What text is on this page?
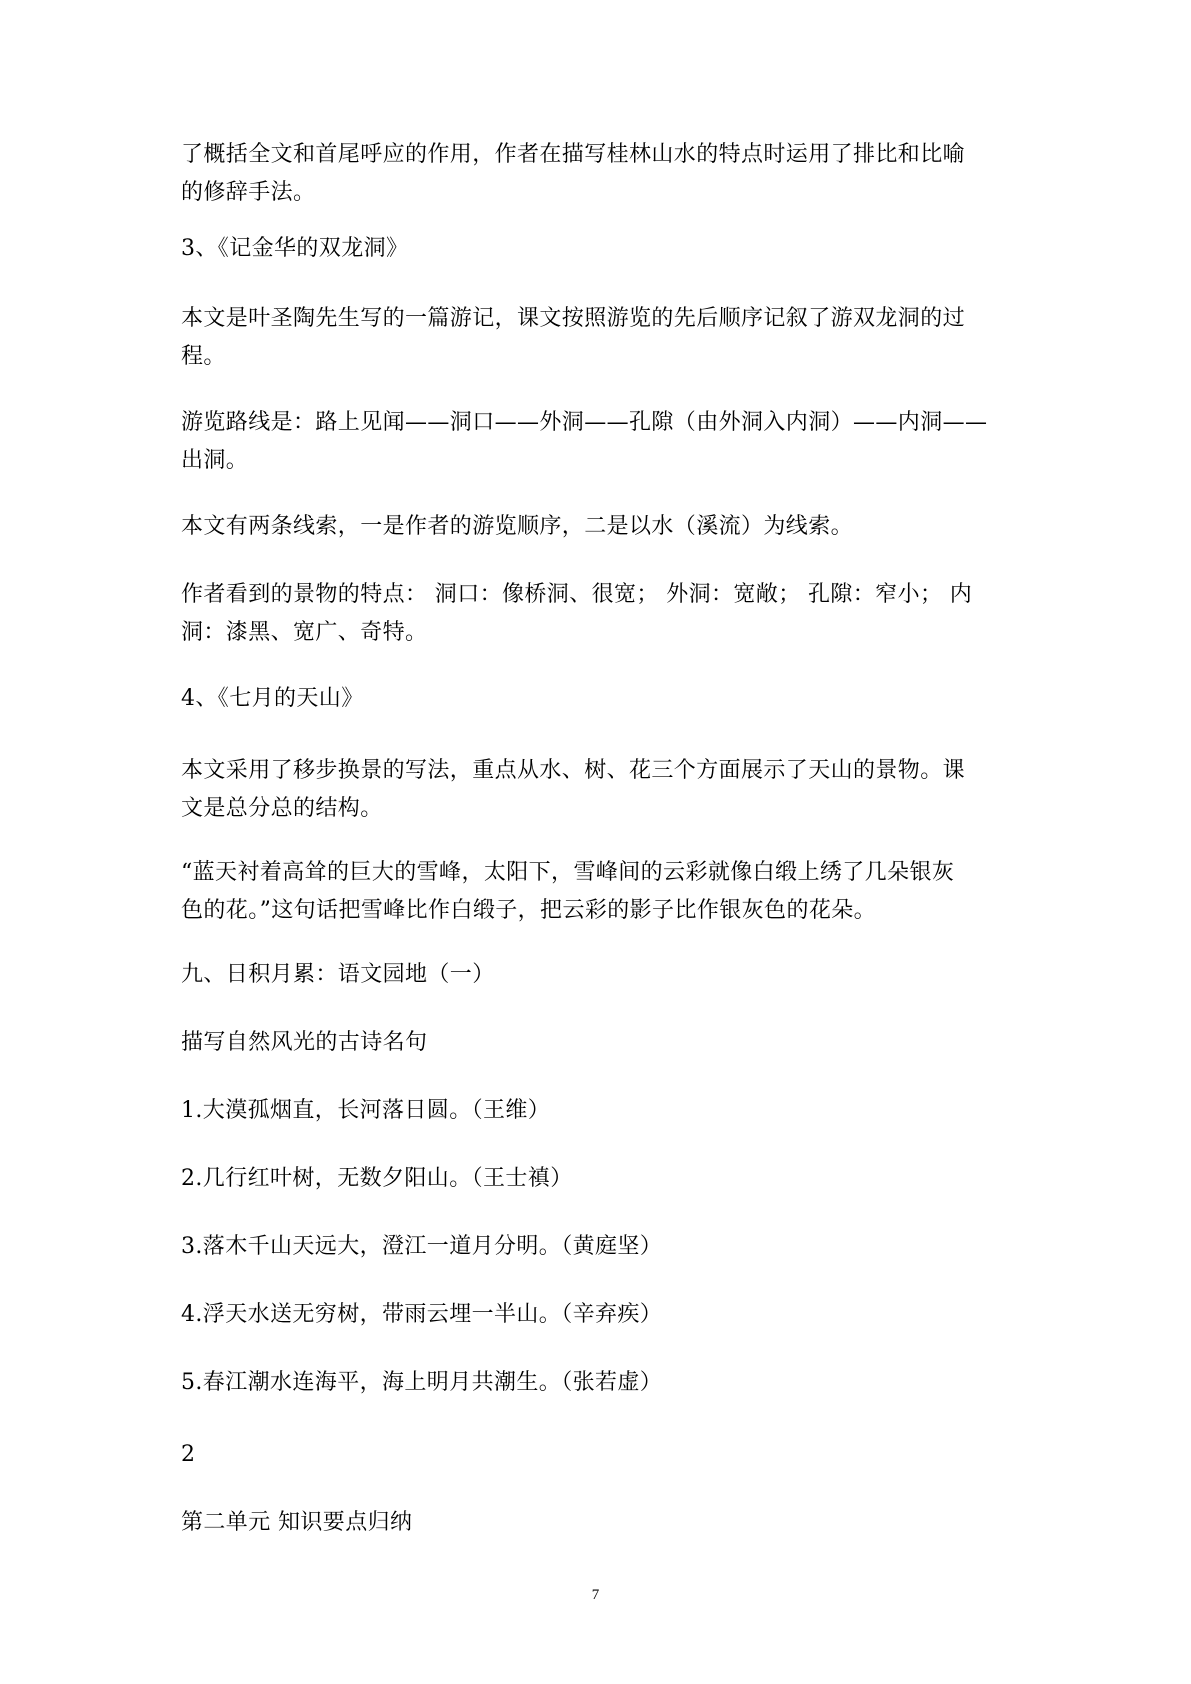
了概括全文和首尾呼应的作用，作者在描写桂林山水的特点时运用了排比和比喻
的修辞手法。
3、《记金华的双龙洞》
本文是叶圣陶先生写的一篇游记，课文按照游览的先后顺序记叙了游双龙洞的过
程。
游览路线是：路上见闻——洞口——外洞——孔隙（由外洞入内洞）——内洞——
出洞。
本文有两条线索，一是作者的游览顺序，二是以水（溪流）为线索。
作者看到的景物的特点： 洞口：像桥洞、很宽； 外洞：宽敞； 孔隙：窄小； 内
洞：漆黑、宽广、奇特。
4、《七月的天山》
本文采用了移步换景的写法，重点从水、树、花三个方面展示了天山的景物。课
文是总分总的结构。
“蓝天衬着高耸的巨大的雪峰，太阳下，雪峰间的云彩就像白缎上绣了几朵银灰
色的花。”这句话把雪峰比作白缎子，把云彩的影子比作银灰色的花朵。
九、日积月累：语文园地（一）
描写自然风光的古诗名句
1.大漠孤烟直，长河落日圆。（王维）
2.几行红叶树，无数夕阳山。（王士禛）
3.落木千山天远大，澄江一道月分明。（黄庭坚）
4.浮天水送无穷树，带雨云埋一半山。（辛弃疾）
5.春江潮水连海平，海上明月共潮生。（张若虚）
2
第二单元 知识要点归纳
7
